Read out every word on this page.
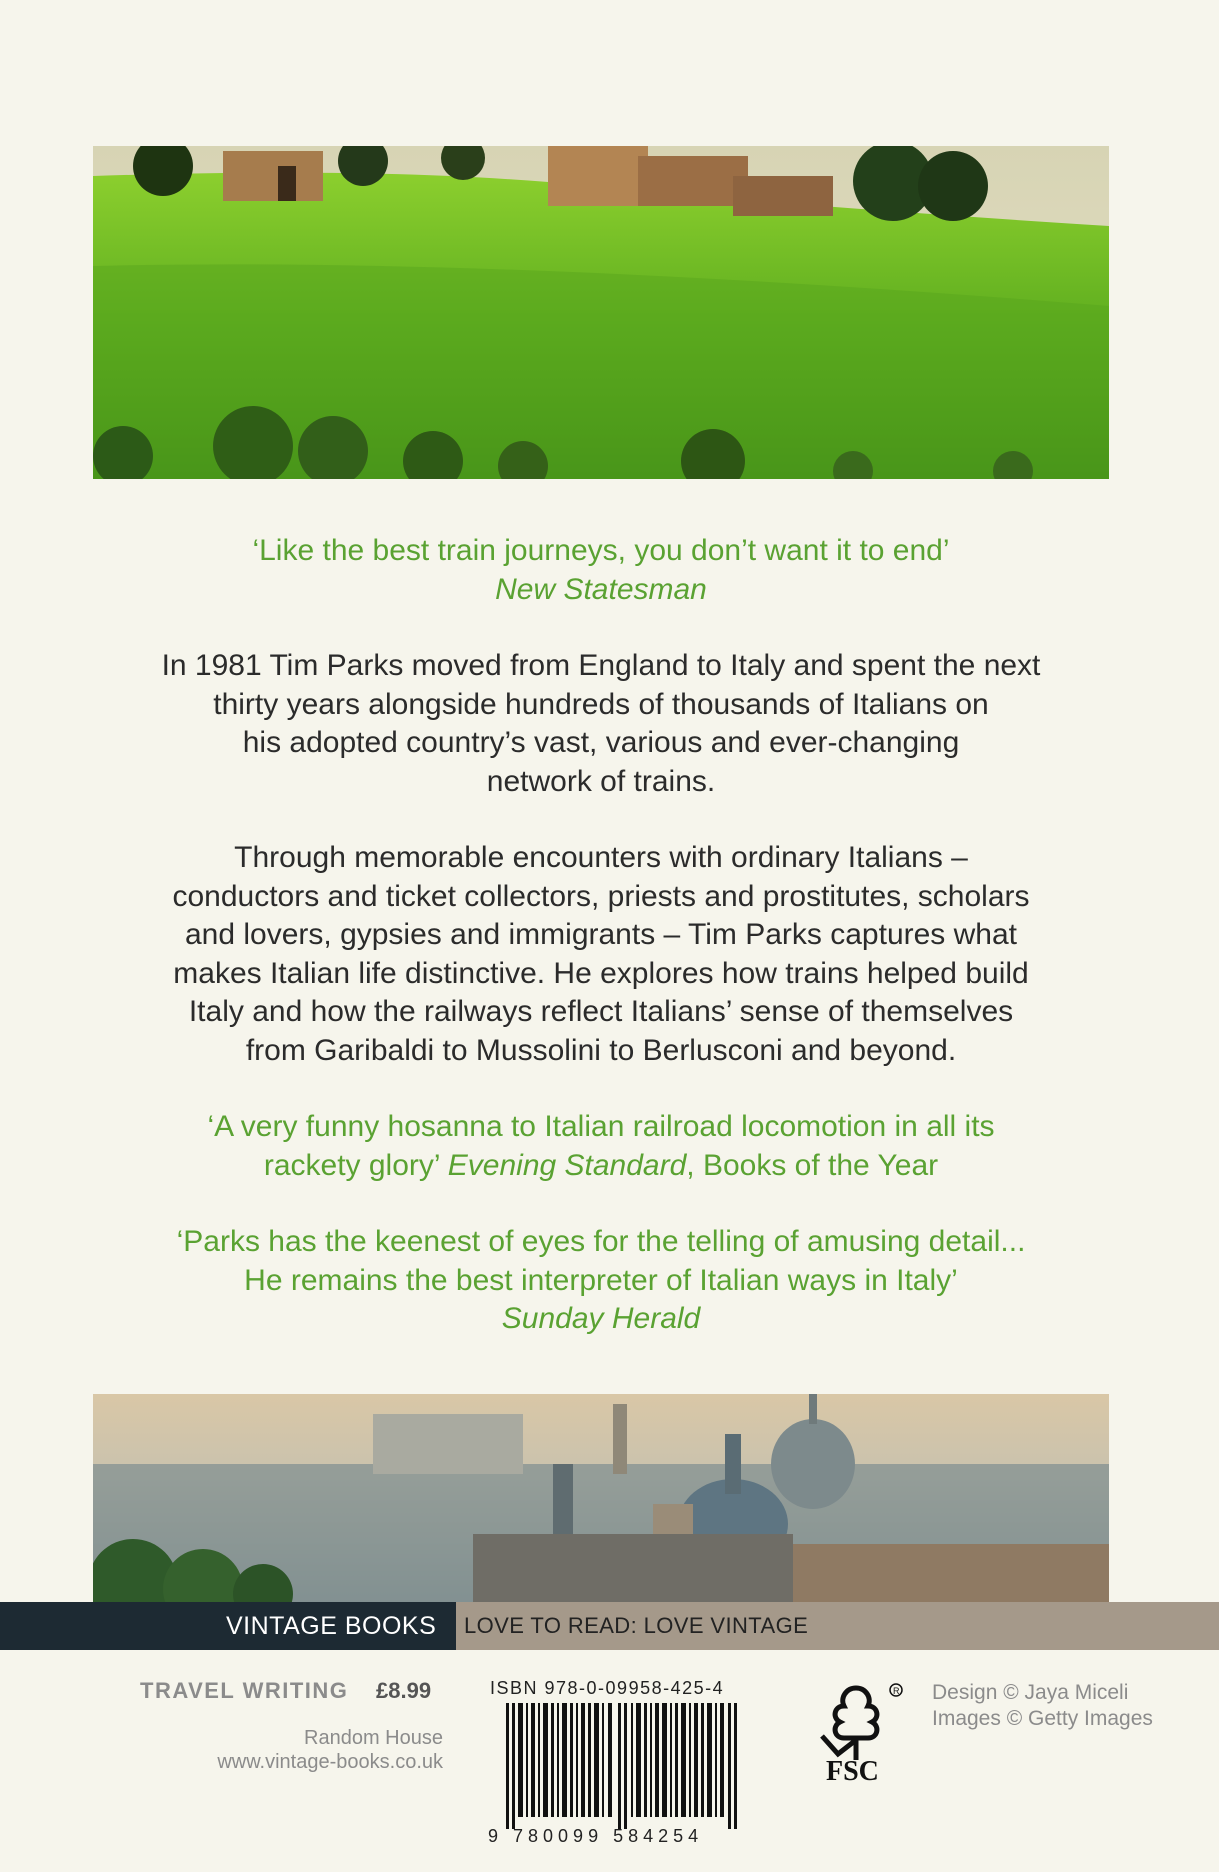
‘Like the best train journeys, you don’t want it to end’
New Statesman
In 1981 Tim Parks moved from England to Italy and spent the next
thirty years alongside hundreds of thousands of Italians on
his adopted country’s vast, various and ever-changing
network of trains.
Through memorable encounters with ordinary Italians –
conductors and ticket collectors, priests and prostitutes, scholars
and lovers, gypsies and immigrants – Tim Parks captures what
makes Italian life distinctive. He explores how trains helped build
Italy and how the railways reflect Italians’ sense of themselves
from Garibaldi to Mussolini to Berlusconi and beyond.
‘A very funny hosanna to Italian railroad locomotion in all its
rackety glory’ Evening Standard, Books of the Year
‘Parks has the keenest of eyes for the telling of amusing detail...
He remains the best interpreter of Italian ways in Italy’
Sunday Herald
VINTAGE BOOKS LOVE TO READ: LOVE VINTAGE
TRAVEL WRITING £8.99
Random House
www.vintage-books.co.uk
ISBN 978-0-09958-425-4
9 780099 584254
R
FSC
Design © Jaya Miceli
Images © Getty Images
